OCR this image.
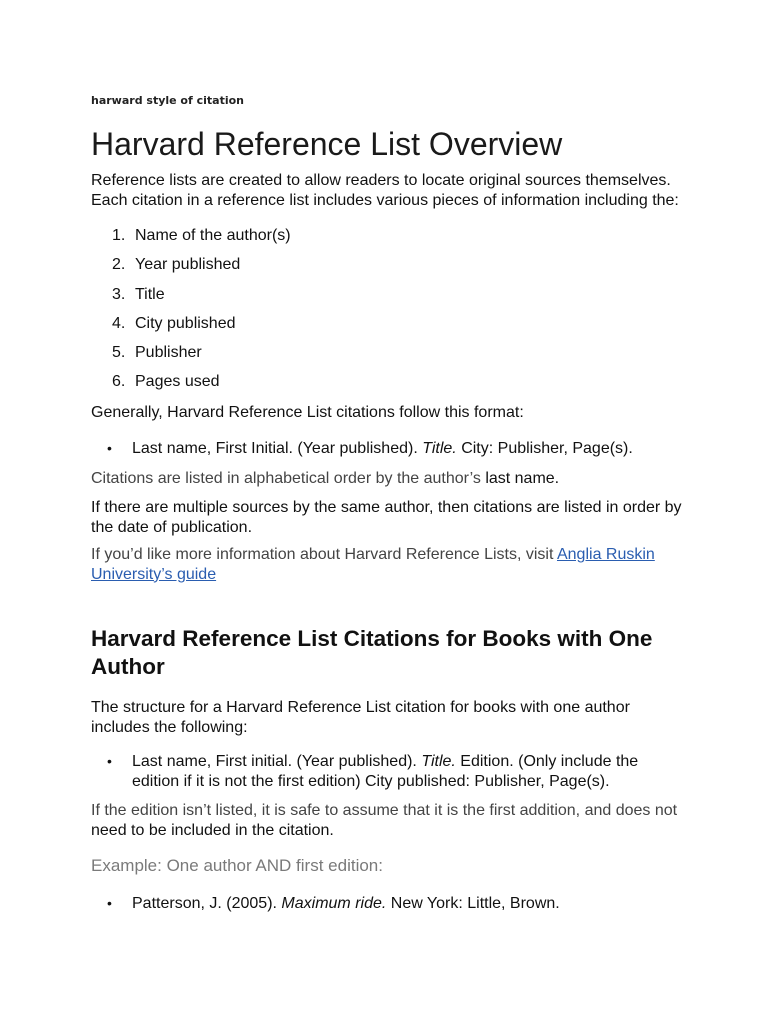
harward style of citation
Harvard Reference List Overview
Reference lists are created to allow readers to locate original sources themselves. Each citation in a reference list includes various pieces of information including the:
1. Name of the author(s)
2. Year published
3. Title
4. City published
5. Publisher
6. Pages used
Generally, Harvard Reference List citations follow this format:
• Last name, First Initial. (Year published). Title. City: Publisher, Page(s).
Citations are listed in alphabetical order by the author’s last name.
If there are multiple sources by the same author, then citations are listed in order by the date of publication.
If you’d like more information about Harvard Reference Lists, visit Anglia Ruskin University’s guide
Harvard Reference List Citations for Books with One Author
The structure for a Harvard Reference List citation for books with one author includes the following:
• Last name, First initial. (Year published). Title. Edition. (Only include the edition if it is not the first edition) City published: Publisher, Page(s).
If the edition isn’t listed, it is safe to assume that it is the first addition, and does not need to be included in the citation.
Example: One author AND first edition:
• Patterson, J. (2005). Maximum ride. New York: Little, Brown.
